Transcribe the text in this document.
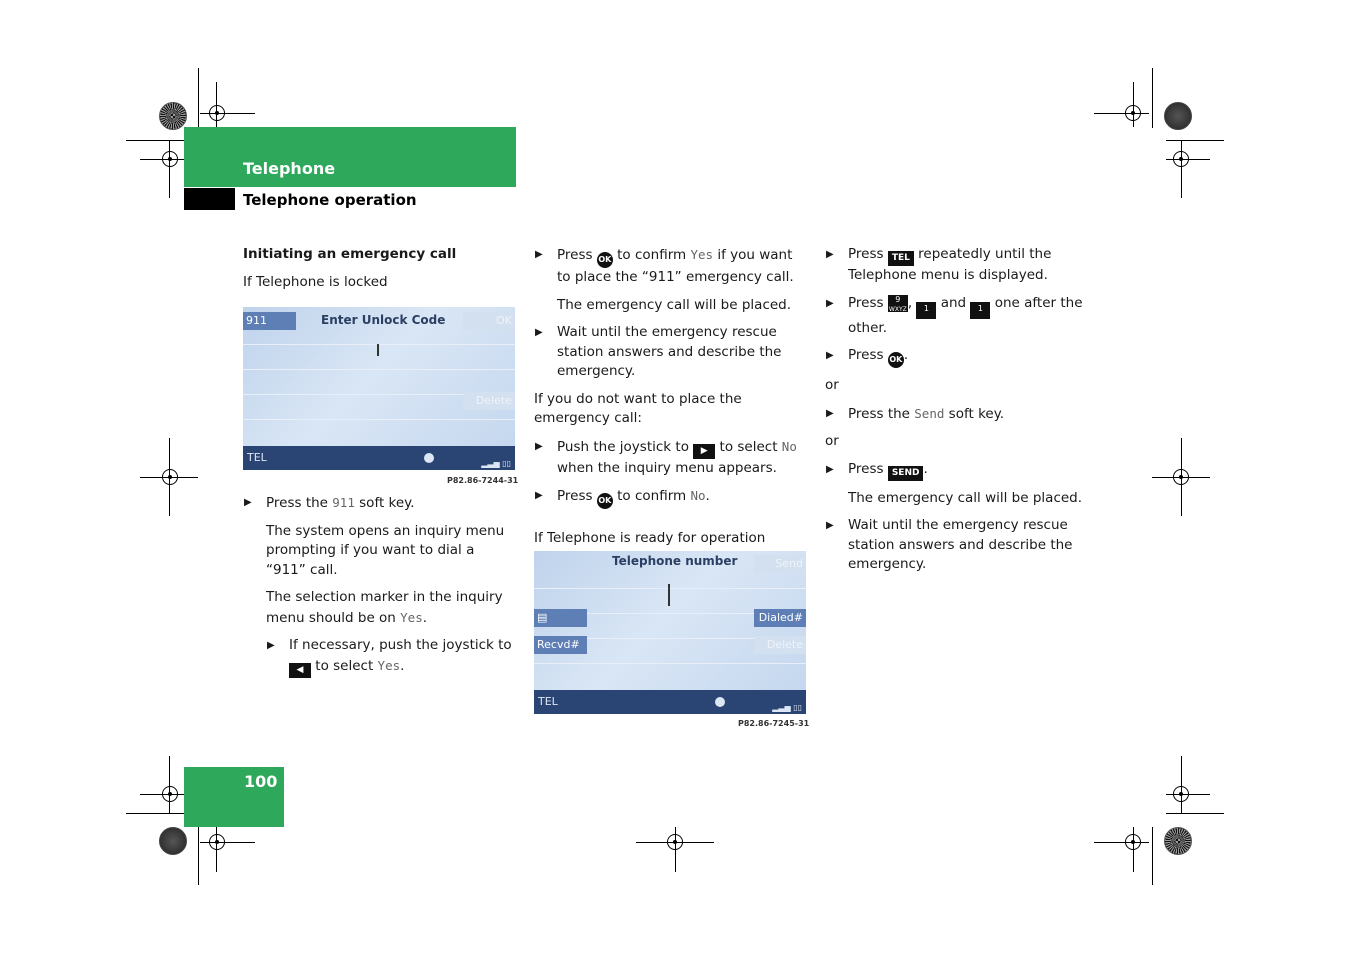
Telephone
Telephone operation

Initiating an emergency call

If Telephone is locked

911	Enter Unlock Code	OK
Delete
TEL	▂▃▅ ▯▯
P82.86-7244-31

▶ Press the 911 soft key.

The system opens an inquiry menu prompting if you want to dial a “911” call.

The selection marker in the inquiry menu should be on Yes.

▶ If necessary, push the joystick to ◀ to select Yes.

▶ Press OK to confirm Yes if you want to place the “911” emergency call.

The emergency call will be placed.

▶ Wait until the emergency rescue station answers and describe the emergency.

If you do not want to place the emergency call:

▶ Push the joystick to ▶ to select No when the inquiry menu appears.

▶ Press OK to confirm No.

If Telephone is ready for operation

Telephone number	Send
▤	Dialed#
Recvd#	Delete
TEL	▂▃▅ ▯▯
P82.86-7245-31

▶ Press TEL repeatedly until the Telephone menu is displayed.

▶ Press 9
WXYZ, 1 and 1 one after the other.

▶ Press OK .

or

▶ Press the Send soft key.

or

▶ Press SEND .

The emergency call will be placed.

▶ Wait until the emergency rescue station answers and describe the emergency.

100
